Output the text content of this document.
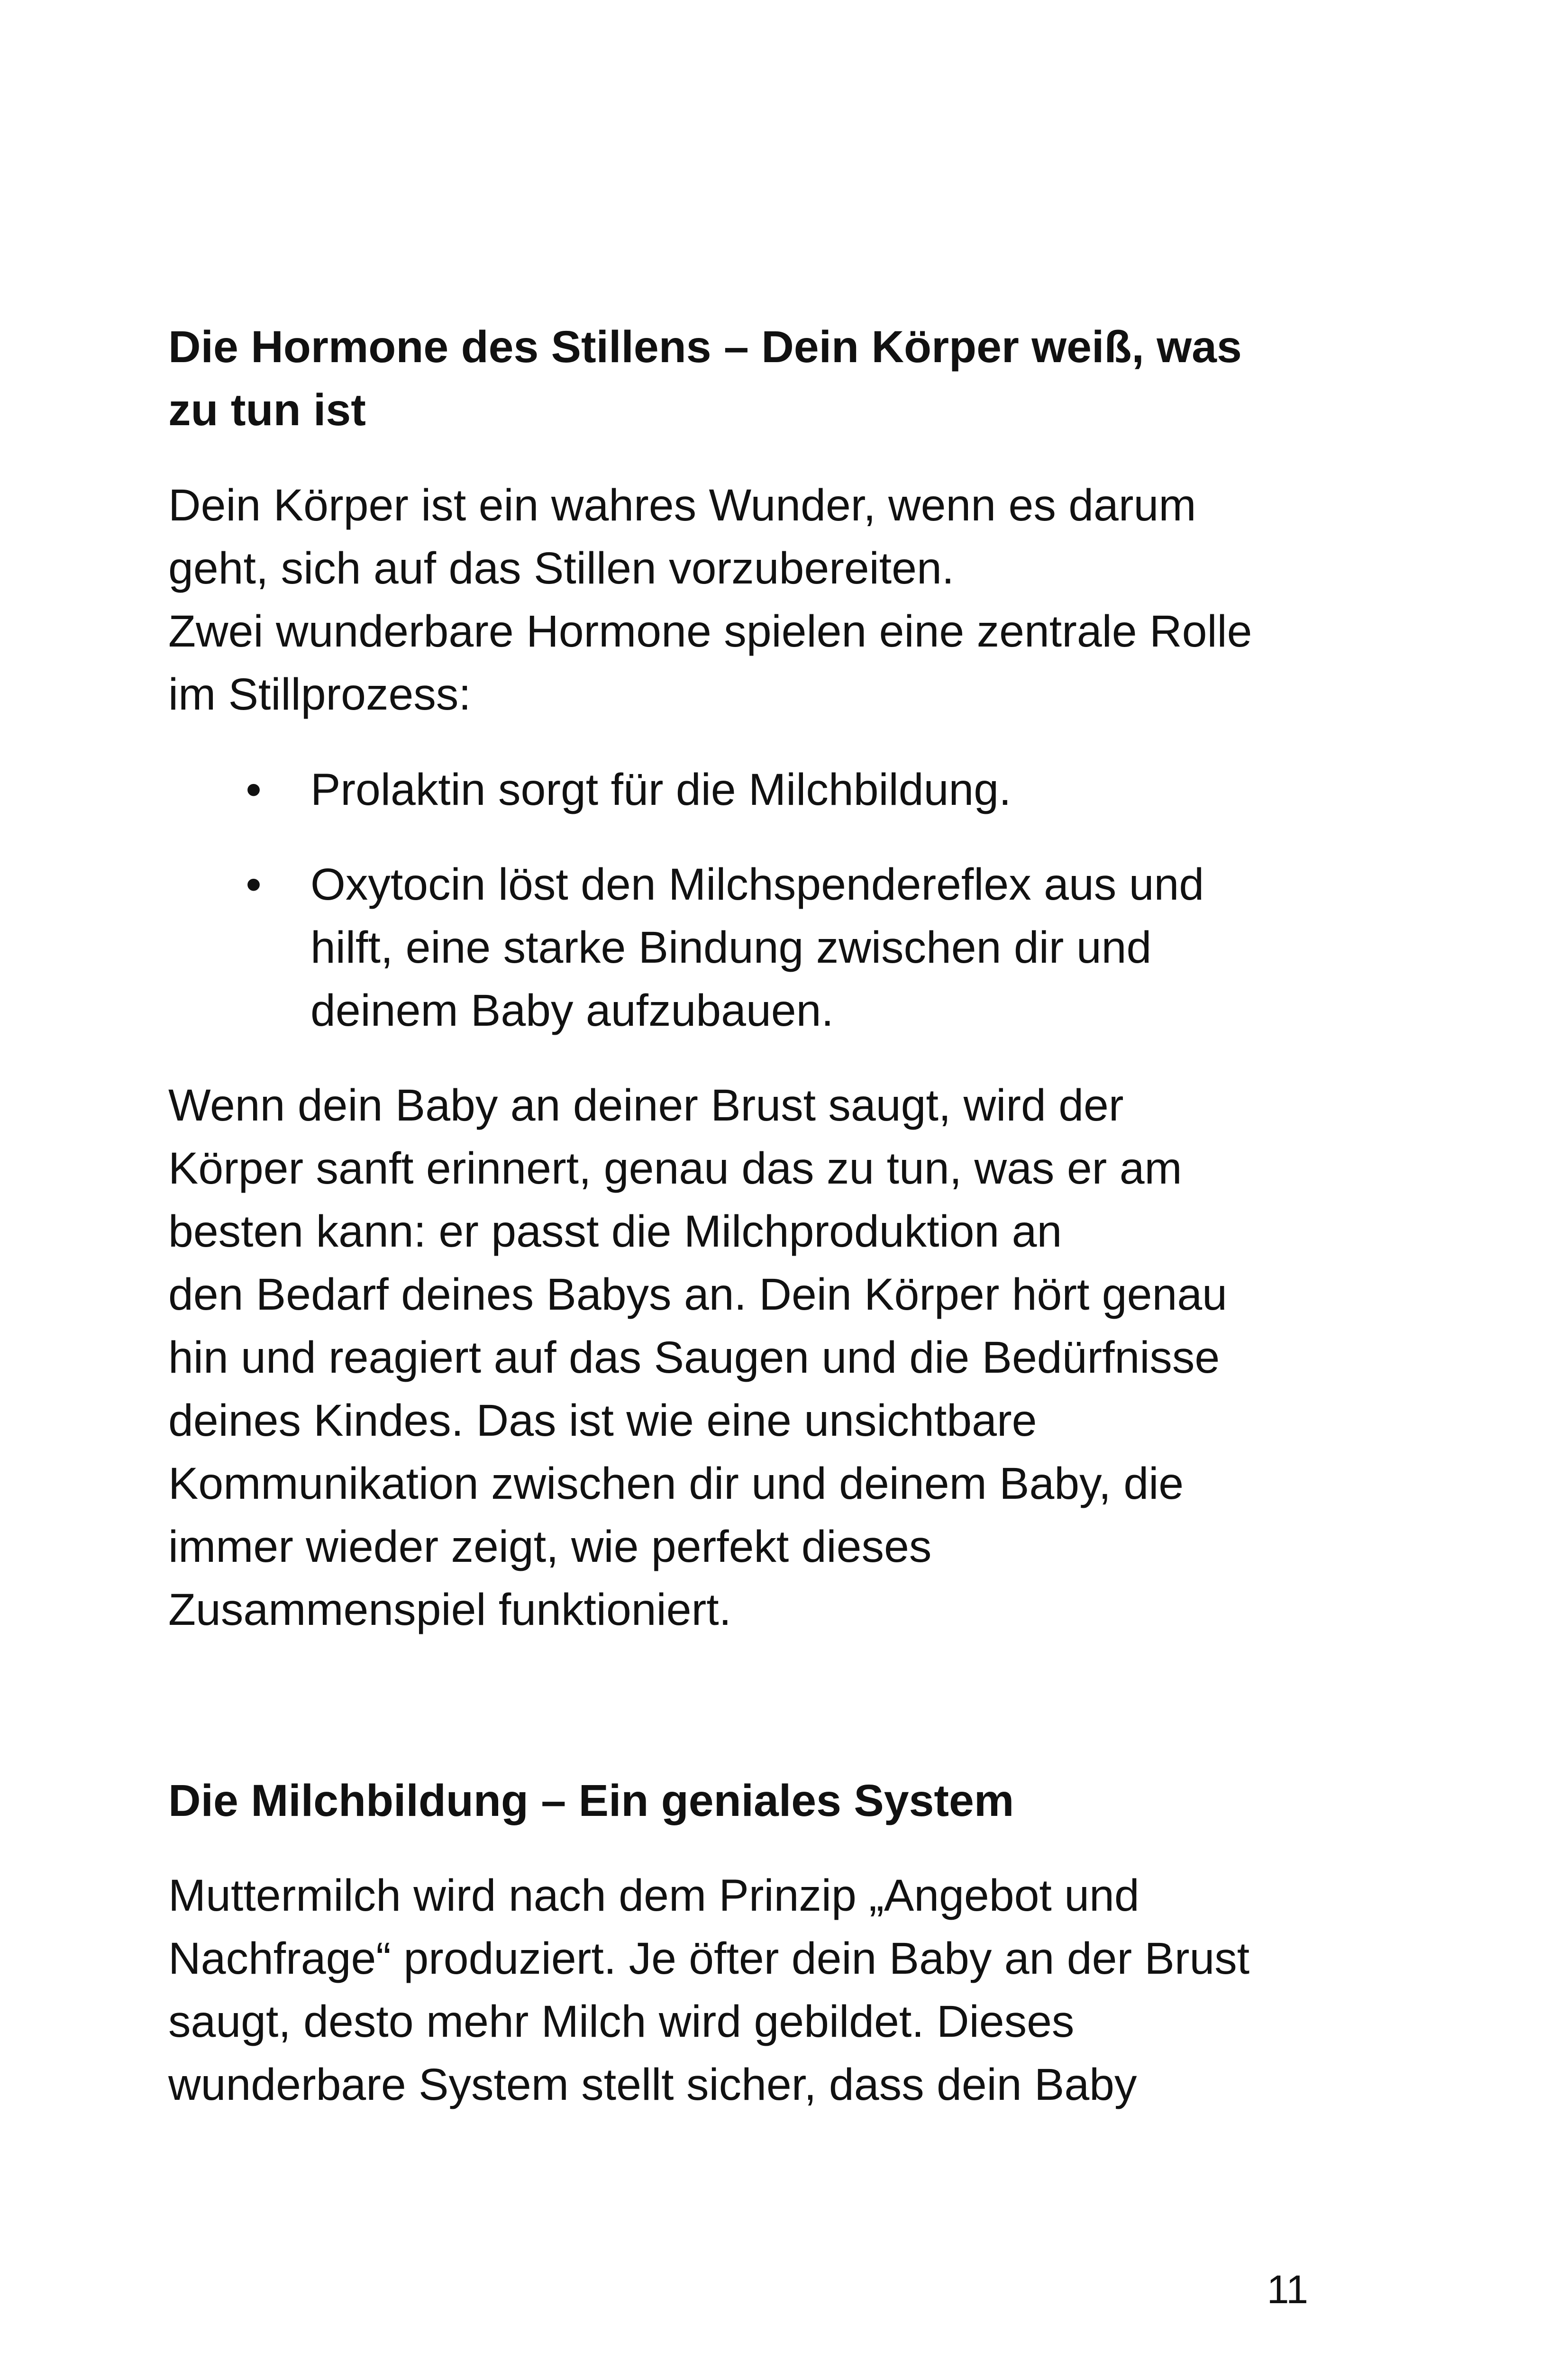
Die Hormone des Stillens – Dein Körper weiß, was
zu tun ist

Dein Körper ist ein wahres Wunder, wenn es darum
geht, sich auf das Stillen vorzubereiten.
Zwei wunderbare Hormone spielen eine zentrale Rolle
im Stillprozess:

• Prolaktin sorgt für die Milchbildung.
• Oxytocin löst den Milchspendereflex aus und
hilft, eine starke Bindung zwischen dir und
deinem Baby aufzubauen.

Wenn dein Baby an deiner Brust saugt, wird der
Körper sanft erinnert, genau das zu tun, was er am
besten kann: er passt die Milchproduktion an
den Bedarf deines Babys an. Dein Körper hört genau
hin und reagiert auf das Saugen und die Bedürfnisse
deines Kindes. Das ist wie eine unsichtbare
Kommunikation zwischen dir und deinem Baby, die
immer wieder zeigt, wie perfekt dieses
Zusammenspiel funktioniert.

Die Milchbildung – Ein geniales System

Muttermilch wird nach dem Prinzip „Angebot und
Nachfrage“ produziert. Je öfter dein Baby an der Brust
saugt, desto mehr Milch wird gebildet. Dieses
wunderbare System stellt sicher, dass dein Baby

11
